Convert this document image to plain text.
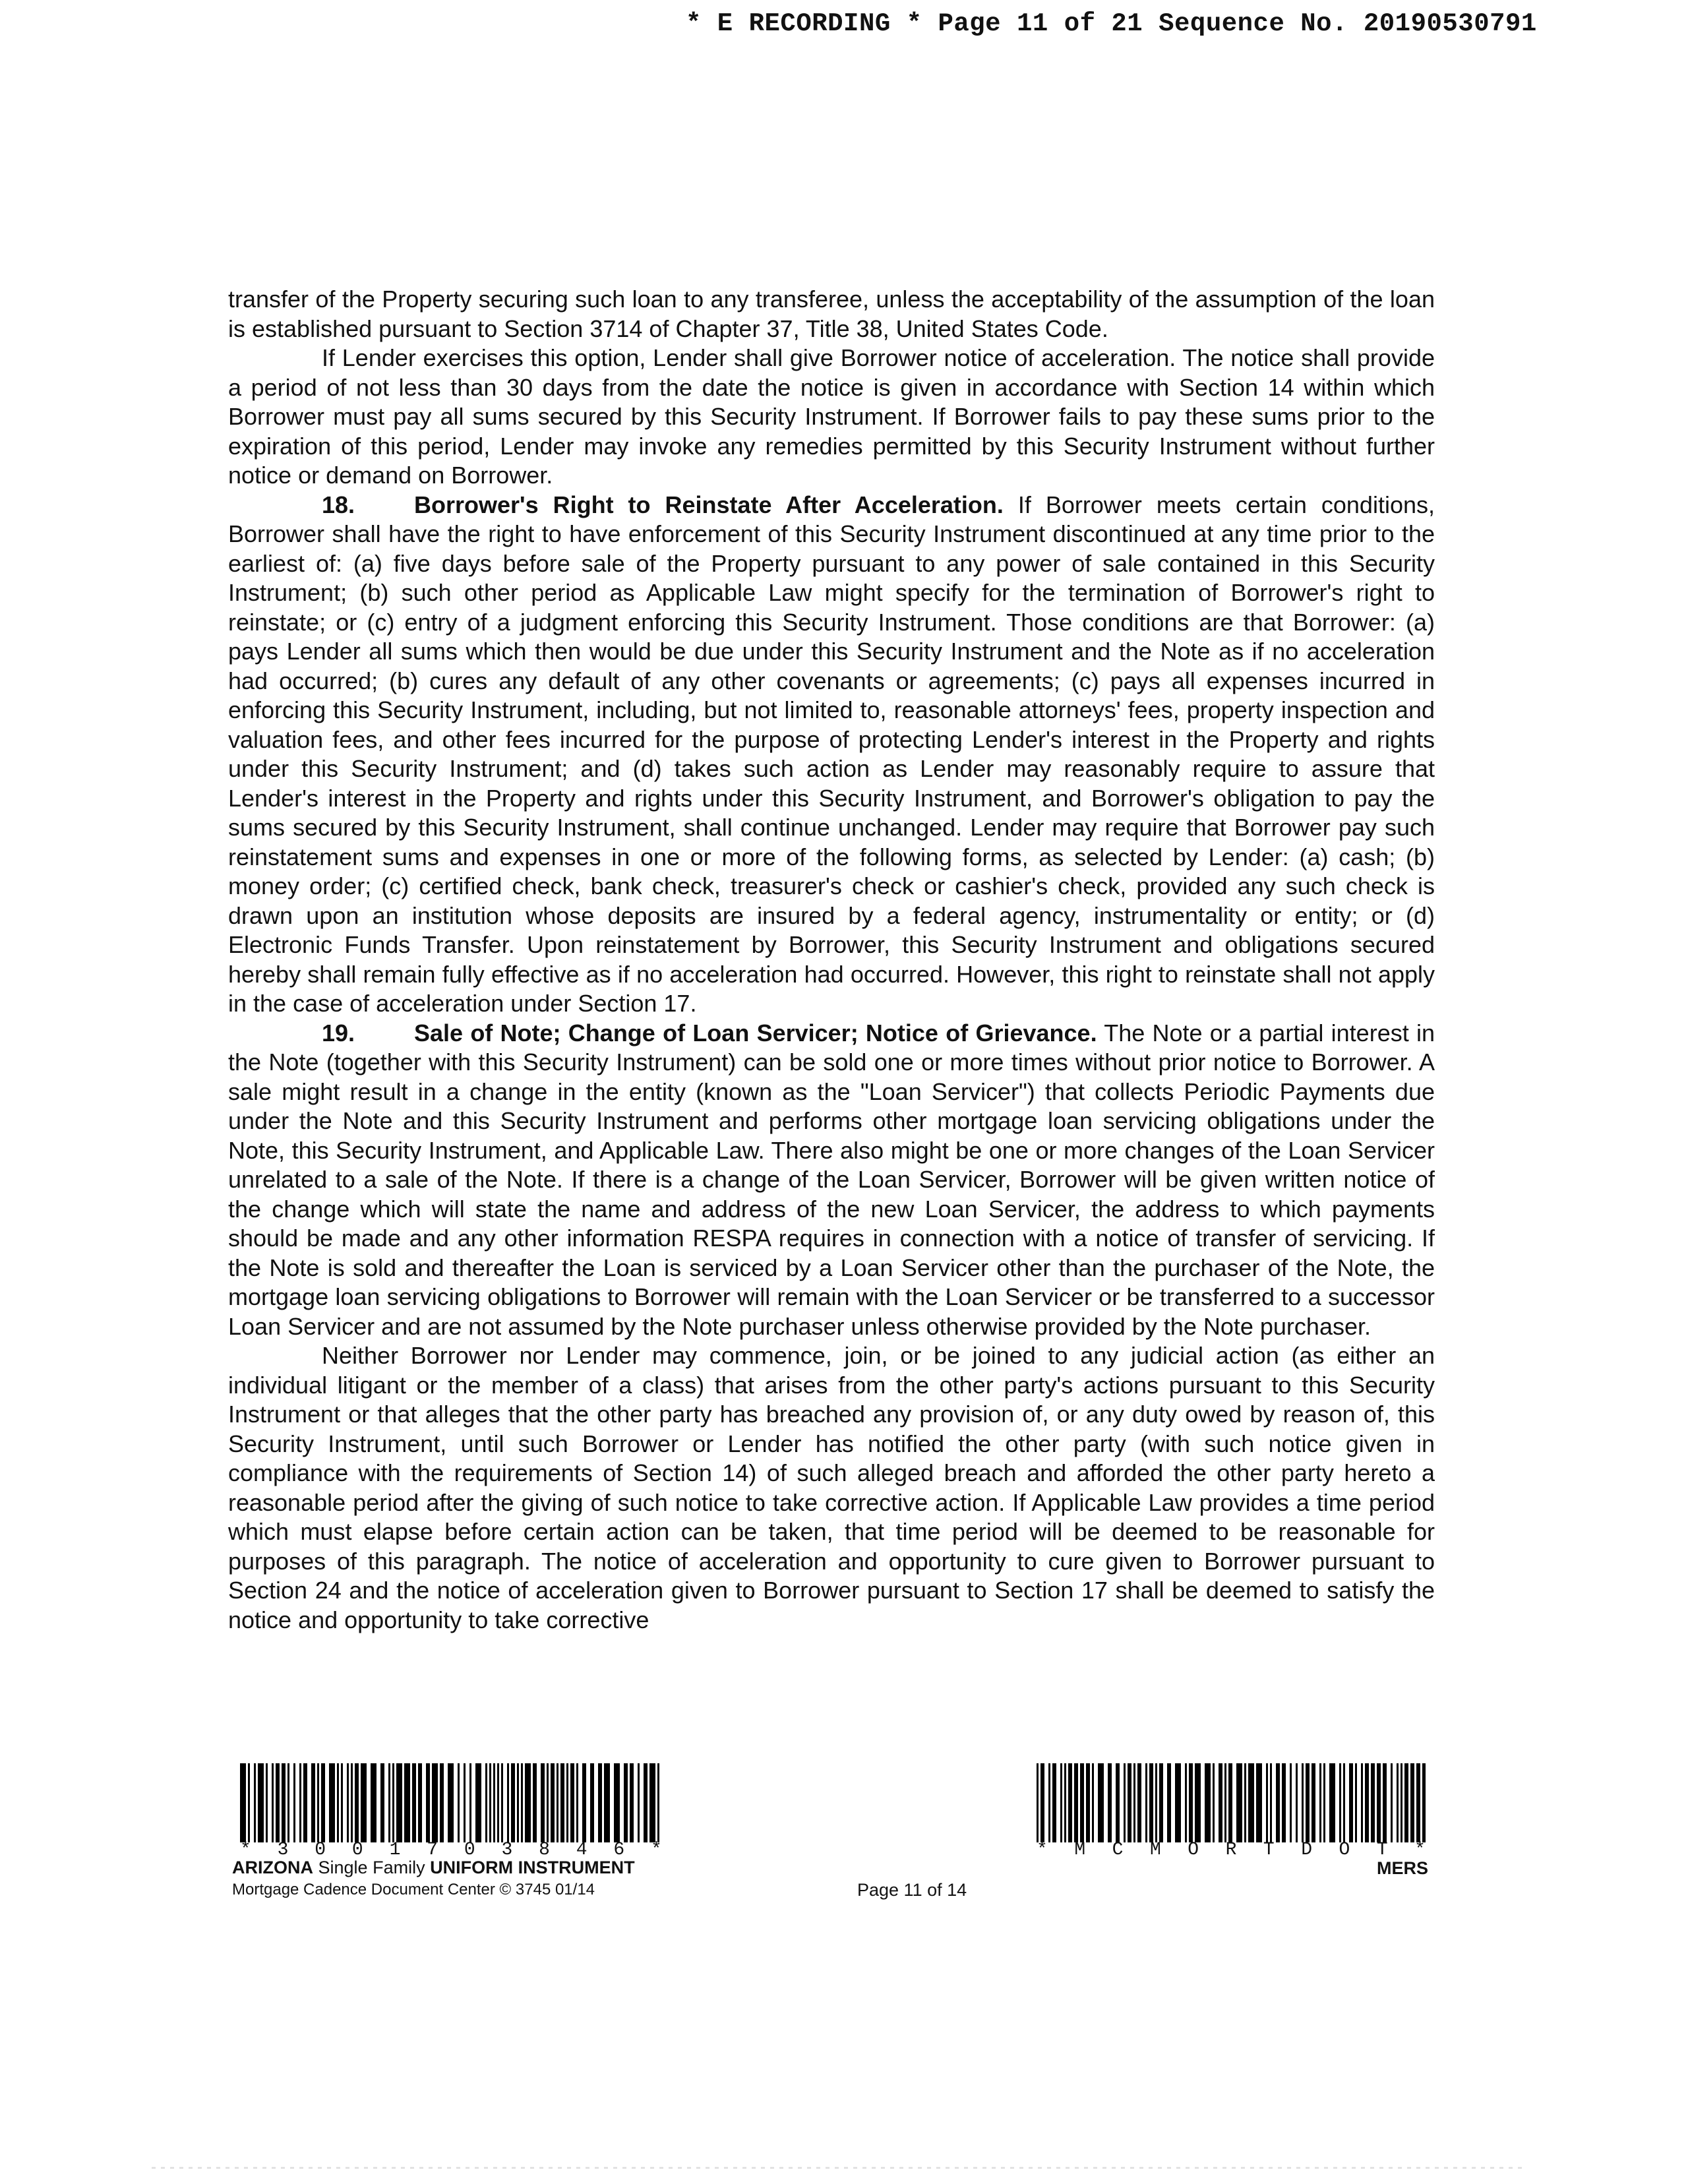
* E RECORDING * Page 11 of 21 Sequence No. 20190530791

transfer of the Property securing such loan to any transferee, unless the acceptability of the assumption of the loan is established pursuant to Section 3714 of Chapter 37, Title 38, United States Code.

If Lender exercises this option, Lender shall give Borrower notice of acceleration. The notice shall provide a period of not less than 30 days from the date the notice is given in accordance with Section 14 within which Borrower must pay all sums secured by this Security Instrument. If Borrower fails to pay these sums prior to the expiration of this period, Lender may invoke any remedies permitted by this Security Instrument without further notice or demand on Borrower.

18. Borrower's Right to Reinstate After Acceleration. If Borrower meets certain conditions, Borrower shall have the right to have enforcement of this Security Instrument discontinued at any time prior to the earliest of: (a) five days before sale of the Property pursuant to any power of sale contained in this Security Instrument; (b) such other period as Applicable Law might specify for the termination of Borrower's right to reinstate; or (c) entry of a judgment enforcing this Security Instrument. Those conditions are that Borrower: (a) pays Lender all sums which then would be due under this Security Instrument and the Note as if no acceleration had occurred; (b) cures any default of any other covenants or agreements; (c) pays all expenses incurred in enforcing this Security Instrument, including, but not limited to, reasonable attorneys' fees, property inspection and valuation fees, and other fees incurred for the purpose of protecting Lender's interest in the Property and rights under this Security Instrument; and (d) takes such action as Lender may reasonably require to assure that Lender's interest in the Property and rights under this Security Instrument, and Borrower's obligation to pay the sums secured by this Security Instrument, shall continue unchanged. Lender may require that Borrower pay such reinstatement sums and expenses in one or more of the following forms, as selected by Lender: (a) cash; (b) money order; (c) certified check, bank check, treasurer's check or cashier's check, provided any such check is drawn upon an institution whose deposits are insured by a federal agency, instrumentality or entity; or (d) Electronic Funds Transfer. Upon reinstatement by Borrower, this Security Instrument and obligations secured hereby shall remain fully effective as if no acceleration had occurred. However, this right to reinstate shall not apply in the case of acceleration under Section 17.

19. Sale of Note; Change of Loan Servicer; Notice of Grievance. The Note or a partial interest in the Note (together with this Security Instrument) can be sold one or more times without prior notice to Borrower. A sale might result in a change in the entity (known as the "Loan Servicer") that collects Periodic Payments due under the Note and this Security Instrument and performs other mortgage loan servicing obligations under the Note, this Security Instrument, and Applicable Law. There also might be one or more changes of the Loan Servicer unrelated to a sale of the Note. If there is a change of the Loan Servicer, Borrower will be given written notice of the change which will state the name and address of the new Loan Servicer, the address to which payments should be made and any other information RESPA requires in connection with a notice of transfer of servicing. If the Note is sold and thereafter the Loan is serviced by a Loan Servicer other than the purchaser of the Note, the mortgage loan servicing obligations to Borrower will remain with the Loan Servicer or be transferred to a successor Loan Servicer and are not assumed by the Note purchaser unless otherwise provided by the Note purchaser.

Neither Borrower nor Lender may commence, join, or be joined to any judicial action (as either an individual litigant or the member of a class) that arises from the other party's actions pursuant to this Security Instrument or that alleges that the other party has breached any provision of, or any duty owed by reason of, this Security Instrument, until such Borrower or Lender has notified the other party (with such notice given in compliance with the requirements of Section 14) of such alleged breach and afforded the other party hereto a reasonable period after the giving of such notice to take corrective action. If Applicable Law provides a time period which must elapse before certain action can be taken, that time period will be deemed to be reasonable for purposes of this paragraph. The notice of acceleration and opportunity to cure given to Borrower pursuant to Section 24 and the notice of acceleration given to Borrower pursuant to Section 17 shall be deemed to satisfy the notice and opportunity to take corrective

* 3 0 0 1 7 0 3 8 4 6 *	* M C M O R T D O T *
ARIZONA Single Family UNIFORM INSTRUMENT
Mortgage Cadence Document Center © 3745 01/14	Page 11 of 14
MERS
